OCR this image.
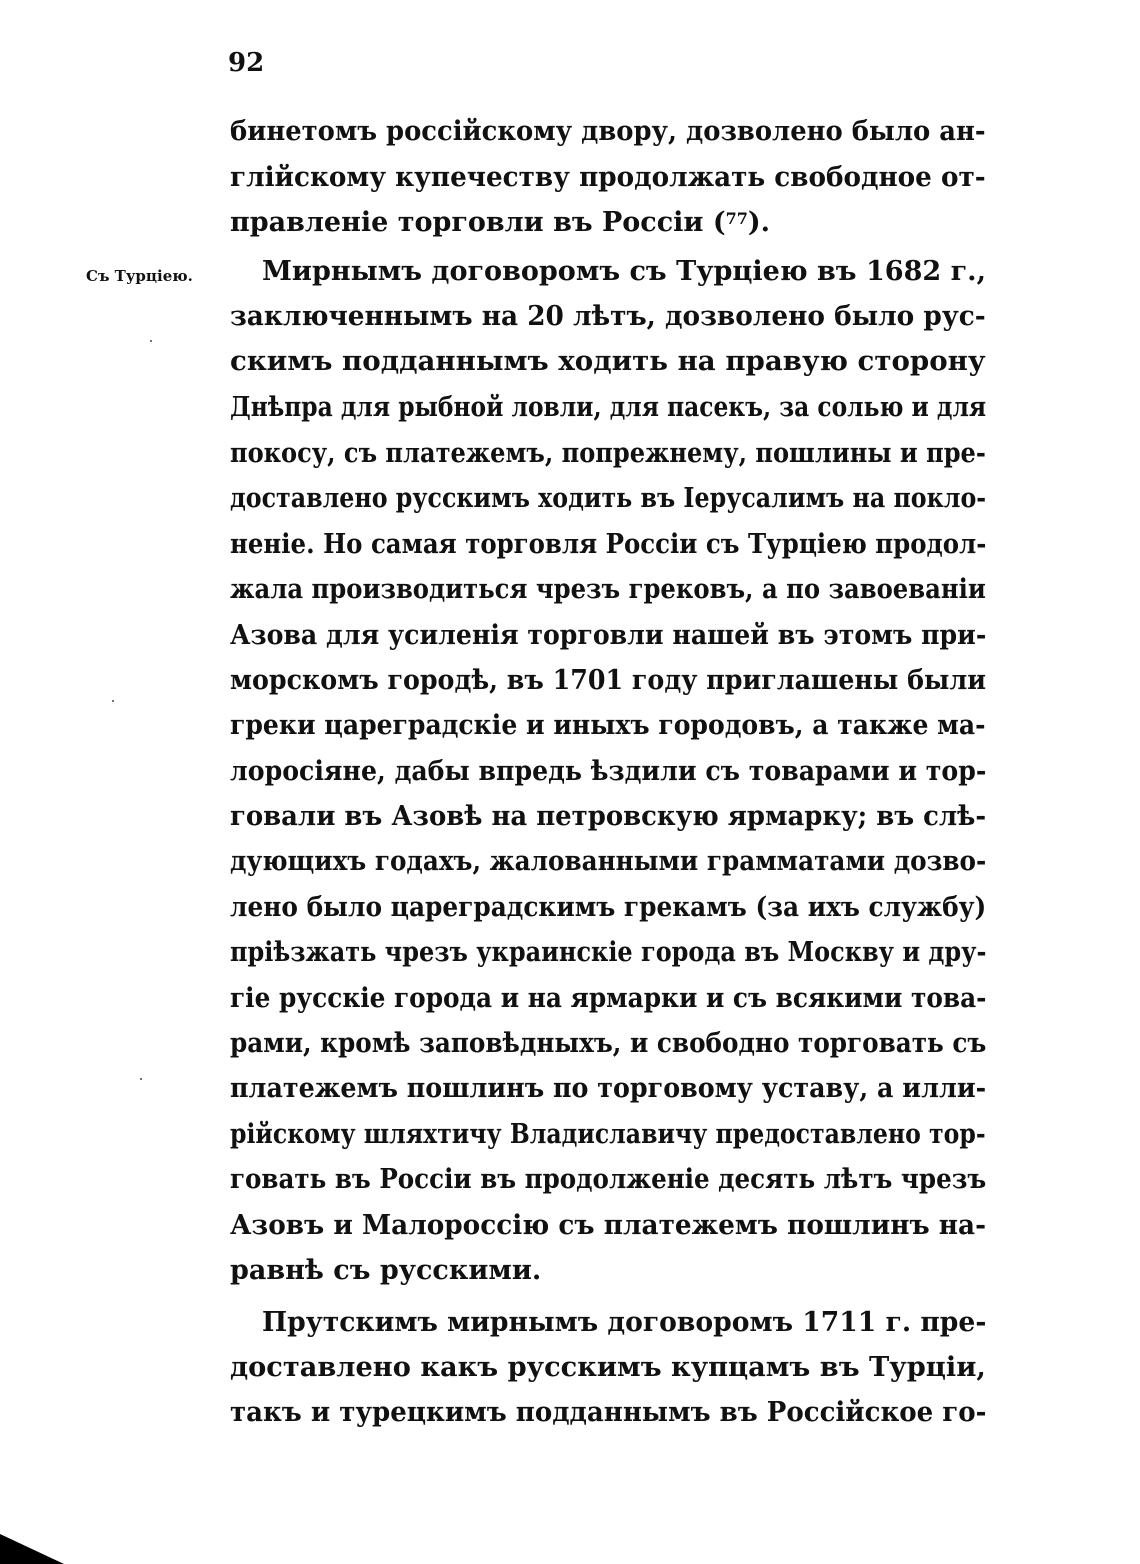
92
Съ Турціею.
бинетомъ россійскому двору, дозволено было ан-
глійскому купечеству продолжать свободное от-
правленіе торговли въ Россіи ($^{77}$).
Мирнымъ договоромъ съ Турціею въ 1682 г.,
заключеннымъ на 20 лѣтъ, дозволено было рус-
скимъ подданнымъ ходить на правую сторону
Днѣпра для рыбной ловли, для пасекъ, за солью и для
покосу, съ платежемъ, попрежнему, пошлины и пре-
доставлено русскимъ ходить въ Іерусалимъ на покло-
неніе. Но самая торговля Россіи съ Турціею продол-
жала производиться чрезъ грековъ, а по завоеваніи
Азова для усиленія торговли нашей въ этомъ при-
морскомъ городѣ, въ 1701 году приглашены были
греки цареградскіе и иныхъ городовъ, а также ма-
лоросіяне, дабы впредь ѣздили съ товарами и тор-
говали въ Азовѣ на петровскую ярмарку; въ слѣ-
дующихъ годахъ, жалованными грамматами дозво-
лено было цареградскимъ грекамъ (за ихъ службу)
пріѣзжать чрезъ украинскіе города въ Москву и дру-
гіе русскіе города и на ярмарки и съ всякими това-
рами, кромѣ заповѣдныхъ, и свободно торговать съ
платежемъ пошлинъ по торговому уставу, а илли-
рійскому шляхтичу Владиславичу предоставлено тор-
говать въ Россіи въ продолженіе десять лѣтъ чрезъ
Азовъ и Малороссію съ платежемъ пошлинъ на-
равнѣ съ русскими.
Прутскимъ мирнымъ договоромъ 1711 г. пре-
доставлено какъ русскимъ купцамъ въ Турціи,
такъ и турецкимъ подданнымъ въ Россійское го-
